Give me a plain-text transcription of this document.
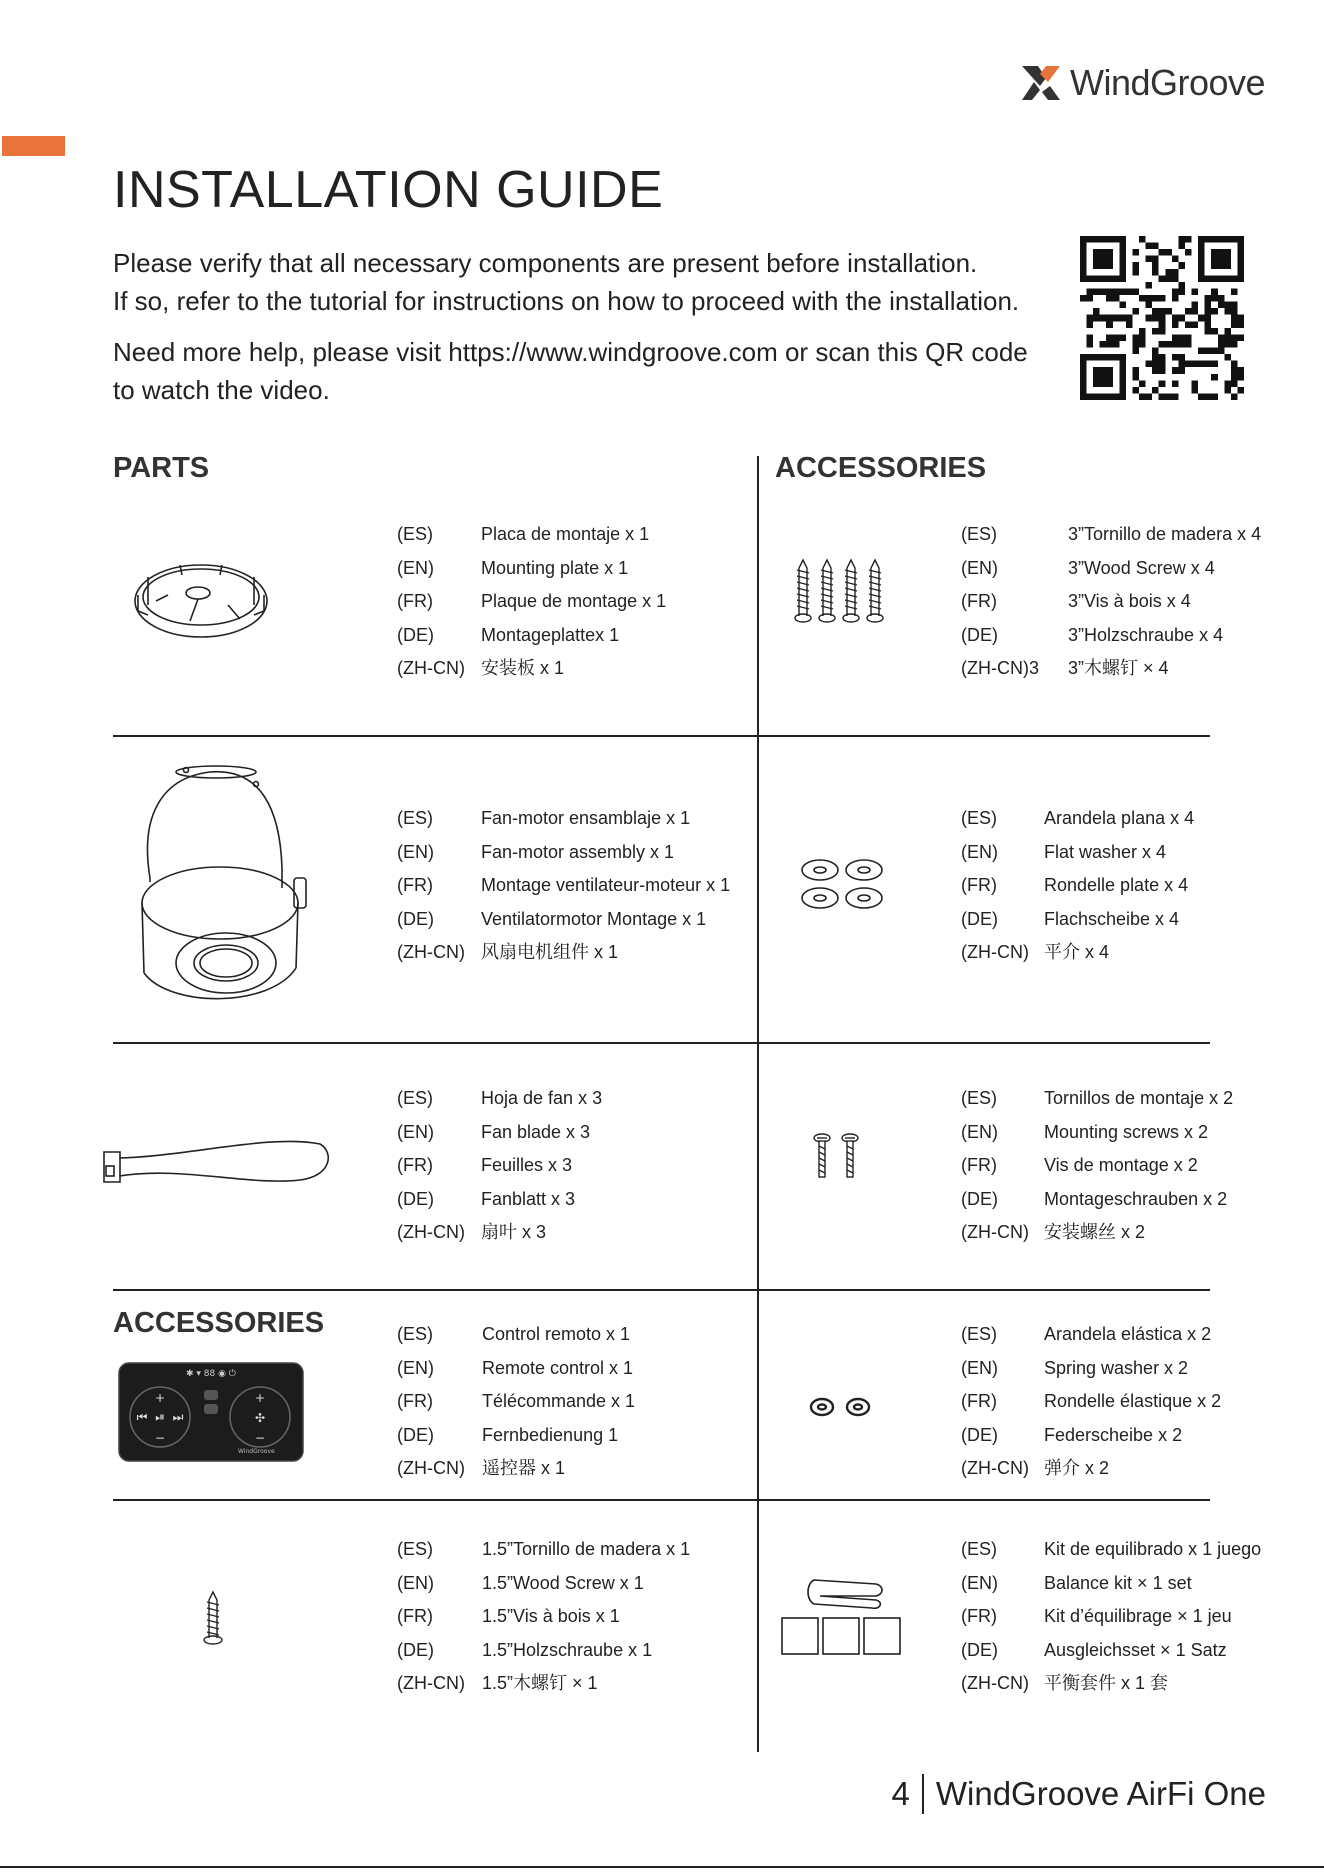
WindGroove
INSTALLATION GUIDE
Please verify that all necessary components are present before installation.
If so, refer to the tutorial for instructions on how to proceed with the installation.
Need more help, please visit https://www.windgroove.com or scan this QR code
to watch the video.
PARTS	ACCESSORIES
ACCESSORIES
✱ ▾ 88 ◉ ⏻
+
−
⏮ ⏯ ⏭
+
−
✣
WindGroove
(ES)	Placa de montaje x 1
(EN)	Mounting plate x 1
(FR)	Plaque de montage x 1
(DE)	Montageplattex 1
(ZH-CN) 安装板 x 1
(ES)	3”Tornillo de madera x 4
(EN)	3”Wood Screw x 4
(FR)	3”Vis à bois x 4
(DE)	3”Holzschraube x 4
(ZH-CN)3	3”木螺钉 × 4
(ES)	Fan-motor ensamblaje x 1
(EN)	Fan-motor assembly x 1
(FR)	Montage ventilateur-moteur x 1
(DE)	Ventilatormotor Montage x 1
(ZH-CN) 风扇电机组件 x 1
(ES)	Arandela plana x 4
(EN)	Flat washer x 4
(FR)	Rondelle plate x 4
(DE)	Flachscheibe x 4
(ZH-CN) 平介 x 4
(ES)	Hoja de fan x 3
(EN)	Fan blade x 3
(FR)	Feuilles x 3
(DE)	Fanblatt x 3
(ZH-CN) 扇叶 x 3
(ES)	Tornillos de montaje x 2
(EN)	Mounting screws x 2
(FR)	Vis de montage x 2
(DE)	Montageschrauben x 2
(ZH-CN) 安装螺丝 x 2
(ES)	Control remoto x 1
(EN)	Remote control x 1
(FR)	Télécommande x 1
(DE)	Fernbedienung 1
(ZH-CN) 遥控器 x 1
(ES)	Arandela elástica x 2
(EN)	Spring washer x 2
(FR)	Rondelle élastique x 2
(DE)	Federscheibe x 2
(ZH-CN) 弹介 x 2
(ES)	1.5”Tornillo de madera x 1
(EN)	1.5”Wood Screw x 1
(FR)	1.5”Vis à bois x 1
(DE)	1.5”Holzschraube x 1
(ZH-CN) 1.5”木螺钉 × 1
(ES)	Kit de equilibrado x 1 juego
(EN)	Balance kit × 1 set
(FR)	Kit d’équilibrage × 1 jeu
(DE)	Ausgleichsset × 1 Satz
(ZH-CN) 平衡套件 x 1 套
4 WindGroove AirFi One
